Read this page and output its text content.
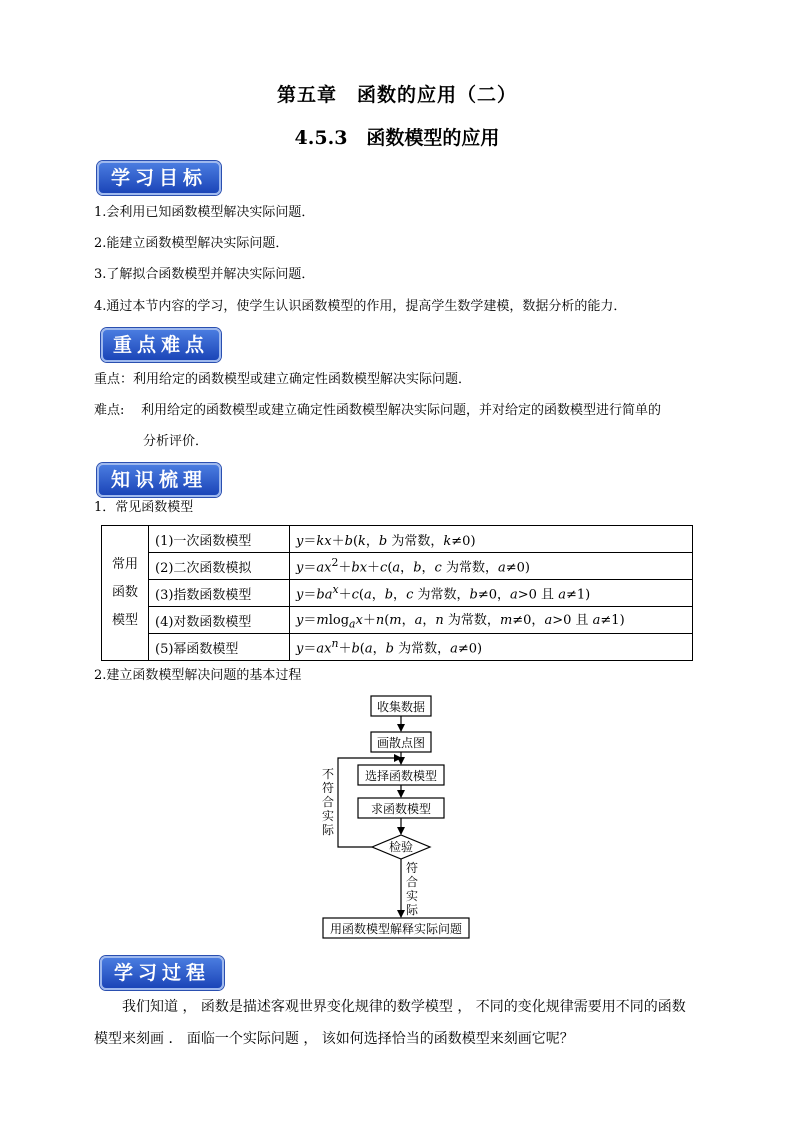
第五章　函数的应用（二）
4.5.3　函数模型的应用
学习目标
1.会利用已知函数模型解决实际问题．
2.能建立函数模型解决实际问题．
3.了解拟合函数模型并解决实际问题．
4.通过本节内容的学习，使学生认识函数模型的作用，提高学生数学建模，数据分析的能力．
重点难点
重点：利用给定的函数模型或建立确定性函数模型解决实际问题．
难点: 利用给定的函数模型或建立确定性函数模型解决实际问题，并对给定的函数模型进行简单的
分析评价．
知识梳理
1．常见函数模型
常用
函数
模型	(1)一次函数模型	y＝kx＋b(k，b 为常数，k≠0)
	(2)二次函数模拟	$y=ax^2+bx+c(a$，b，c 为常数，a≠0)
	(3)指数函数模型	$y=ba^x+c(a$，b，c 为常数，b≠0，a>0 且 a≠1)
	(4)对数函数模型	y＝mlog$_a$x＋n(m，a，n 为常数，m≠0，a>0 且 a≠1)
	(5)幂函数模型	$y=ax^n+b(a$，b 为常数，a≠0)
2.建立函数模型解决问题的基本过程
收集数据
画散点图
选择函数模型
求函数模型
检验
用函数模型解释实际问题
不
符
合
实
际
符
合
实
际
学习过程
我们知道 ， 函数是描述客观世界变化规律的数学模型 ， 不同的变化规律需要用不同的函数
模型来刻画 ． 面临一个实际问题 ， 该如何选择恰当的函数模型来刻画它呢？
